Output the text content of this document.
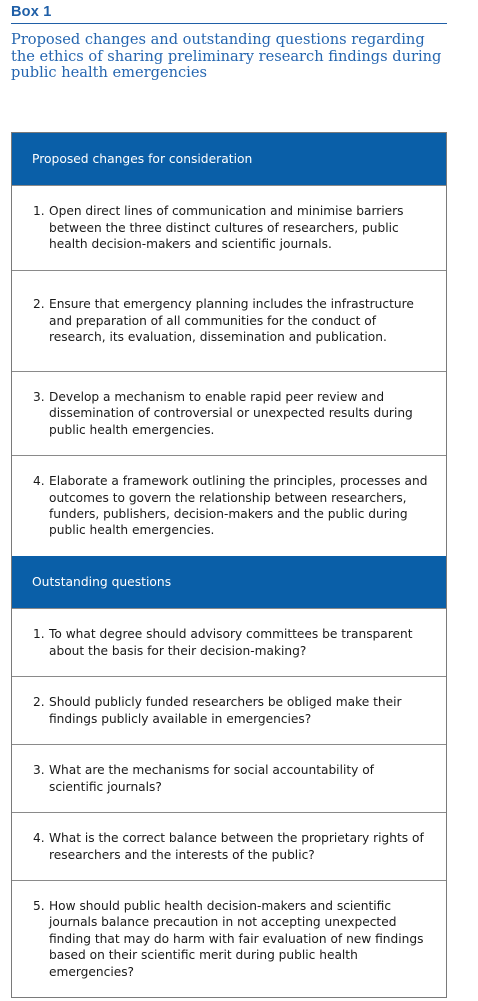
Box 1
Proposed changes and outstanding questions regarding the ethics of sharing preliminary research findings during public health emergencies
Proposed changes for consideration
1. Open direct lines of communication and minimise barriers between the three distinct cultures of researchers, public health decision-makers and scientific journals.
2. Ensure that emergency planning includes the infrastructure and preparation of all communities for the conduct of research, its evaluation, dissemination and publication.
3. Develop a mechanism to enable rapid peer review and dissemination of controversial or unexpected results during public health emergencies.
4. Elaborate a framework outlining the principles, processes and outcomes to govern the relationship between researchers, funders, publishers, decision-makers and the public during public health emergencies.
Outstanding questions
1. To what degree should advisory committees be transparent about the basis for their decision-making?
2. Should publicly funded researchers be obliged make their findings publicly available in emergencies?
3. What are the mechanisms for social accountability of scientific journals?
4. What is the correct balance between the proprietary rights of researchers and the interests of the public?
5. How should public health decision-makers and scientific journals balance precaution in not accepting unexpected finding that may do harm with fair evaluation of new findings based on their scientific merit during public health emergencies?
